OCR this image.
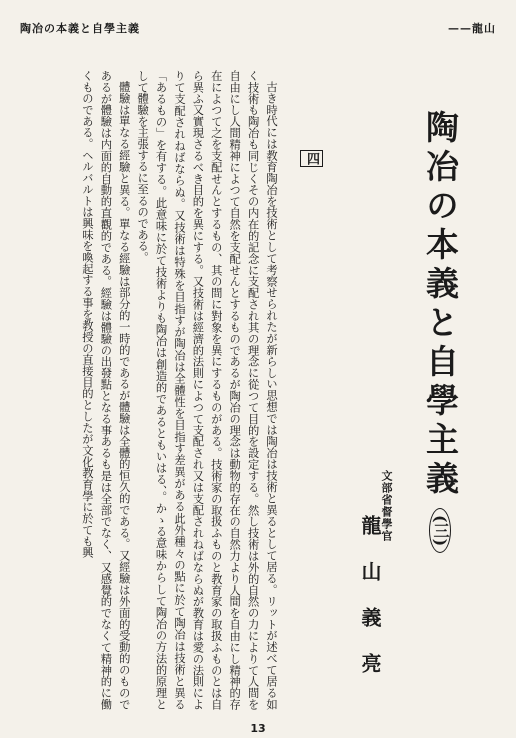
陶冶の本義と自學主義	——龍山
陶冶の本義と自學主義(三)
文部省督學官
龍山義亮
四

古き時代には教育陶冶を技術として考察せられたが新らしい思想では陶冶は技術と異るとして居る。リットが述べて居る如く技術も陶冶も同じくその内在的記念に支配され其の理念に從つて目的を設定する。然し技術は外的自然の力によりて人間を自由にし人間精神によつて自然を支配せんとするものであるが陶冶の理念は動物的存在の自然力より人間を自由にし精神的存在によつて之を支配せんとするもの、其の間に對象を異にするものがある。技術家の取扱ふものと教育家の取扱ふものとは自ら異ふ又實現さるべき目的を異にする。又技術は經濟的法則によつて支配され又は支配されねばならぬが教育は愛の法則によりて支配されねばならぬ。又技術は特殊を目指すが陶冶は全體性を目指す差異がある此外種々の點に於て陶冶は技術と異る「あるもの」を有する。此意味に於て技術よりも陶冶は創造的であるともいはる、。かゝる意味からして陶冶の方法的原理として體驗を主張するに至るのである。

體驗は單なる經驗と異る。單なる經驗は部分的一時的であるが體驗は全體的恒久的である。又經驗は外面的受動的のものであるが體驗は内面的自動的直觀的である。經驗は體驗の出發點となる事あるも是は全部でなく、又感覺的でなくて精神的に働くものである。ヘルバルトは興味を喚起する事を教授の直接目的としたが文化教育學に於ても興

13
